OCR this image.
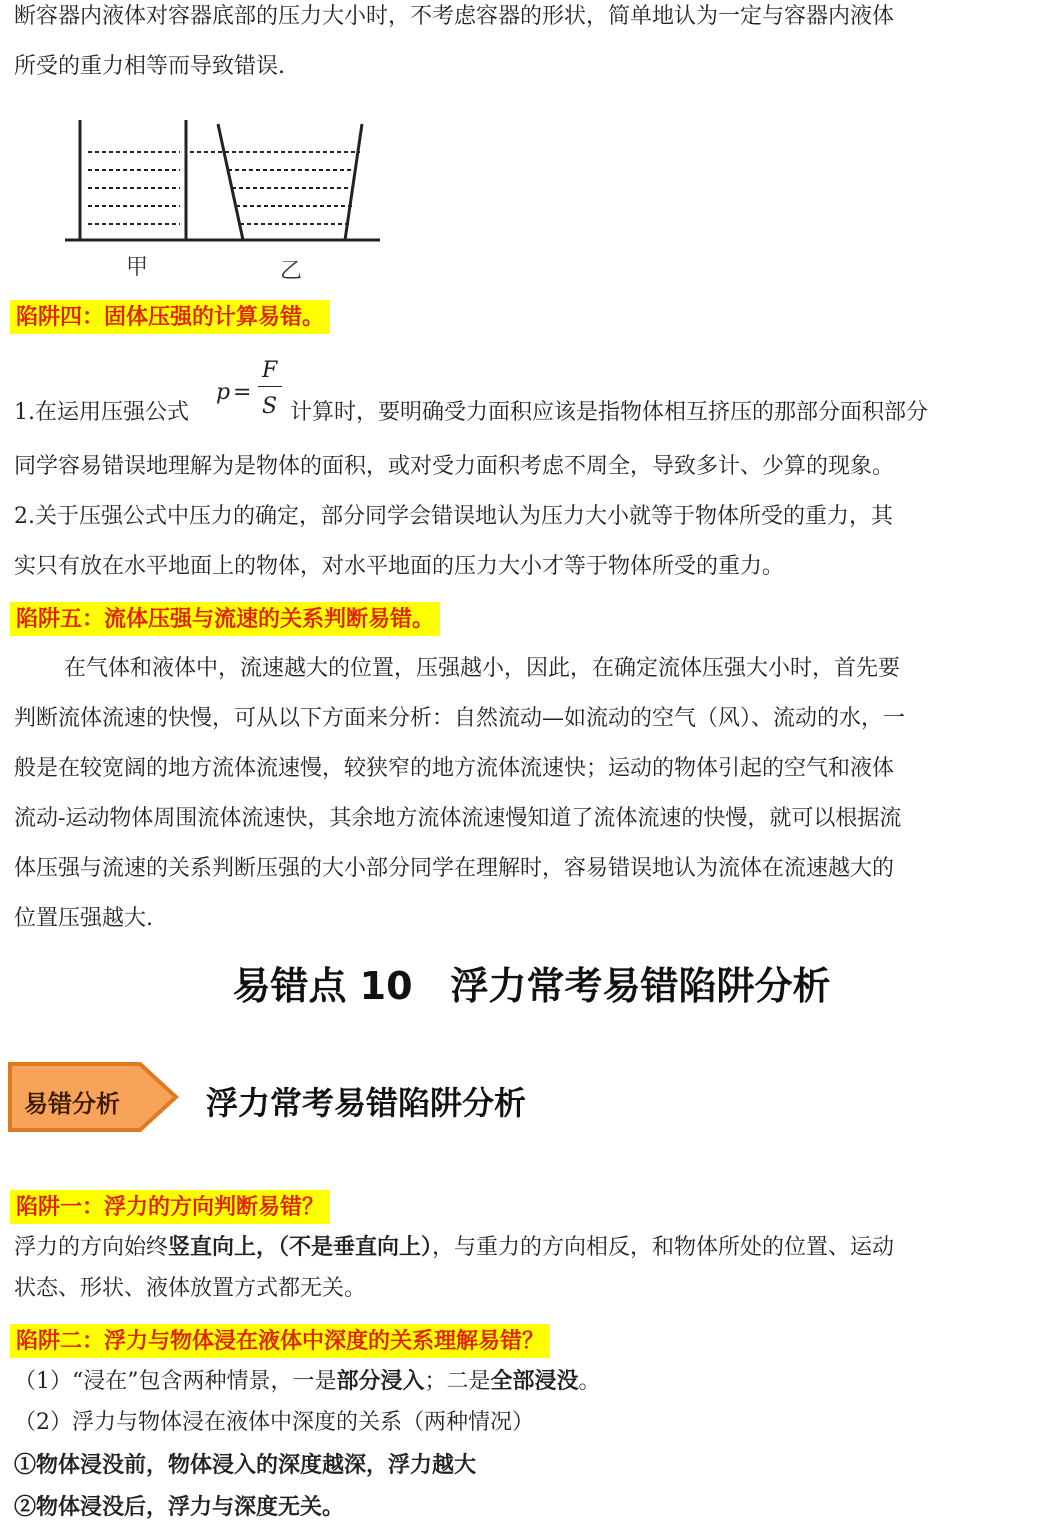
断容器内液体对容器底部的压力大小时，不考虑容器的形状，简单地认为一定与容器内液体
所受的重力相等而导致错误.
甲	乙
陷阱四：固体压强的计算易错。
p =
F
S
1.在运用压强公式	计算时，要明确受力面积应该是指物体相互挤压的那部分面积部分
同学容易错误地理解为是物体的面积，或对受力面积考虑不周全，导致多计、少算的现象。
2.关于压强公式中压力的确定，部分同学会错误地认为压力大小就等于物体所受的重力，其
实只有放在水平地面上的物体，对水平地面的压力大小才等于物体所受的重力。
陷阱五：流体压强与流速的关系判断易错。
在气体和液体中，流速越大的位置，压强越小，因此，在确定流体压强大小时，首先要
判断流体流速的快慢，可从以下方面来分析：自然流动—如流动的空气（风）、流动的水，一
般是在较宽阔的地方流体流速慢，较狭窄的地方流体流速快；运动的物体引起的空气和液体
流动-运动物体周围流体流速快，其余地方流体流速慢知道了流体流速的快慢，就可以根据流
体压强与流速的关系判断压强的大小部分同学在理解时，容易错误地认为流体在流速越大的
位置压强越大.
易错点 10　浮力常考易错陷阱分析
易错分析	浮力常考易错陷阱分析
陷阱一：浮力的方向判断易错？
浮力的方向始终竖直向上，（不是垂直向上），与重力的方向相反，和物体所处的位置、运动
状态、形状、液体放置方式都无关。
陷阱二：浮力与物体浸在液体中深度的关系理解易错？
（1）“浸在”包含两种情景，一是部分浸入；二是全部浸没。
（2）浮力与物体浸在液体中深度的关系（两种情况）
①物体浸没前，物体浸入的深度越深，浮力越大
②物体浸没后，浮力与深度无关。
